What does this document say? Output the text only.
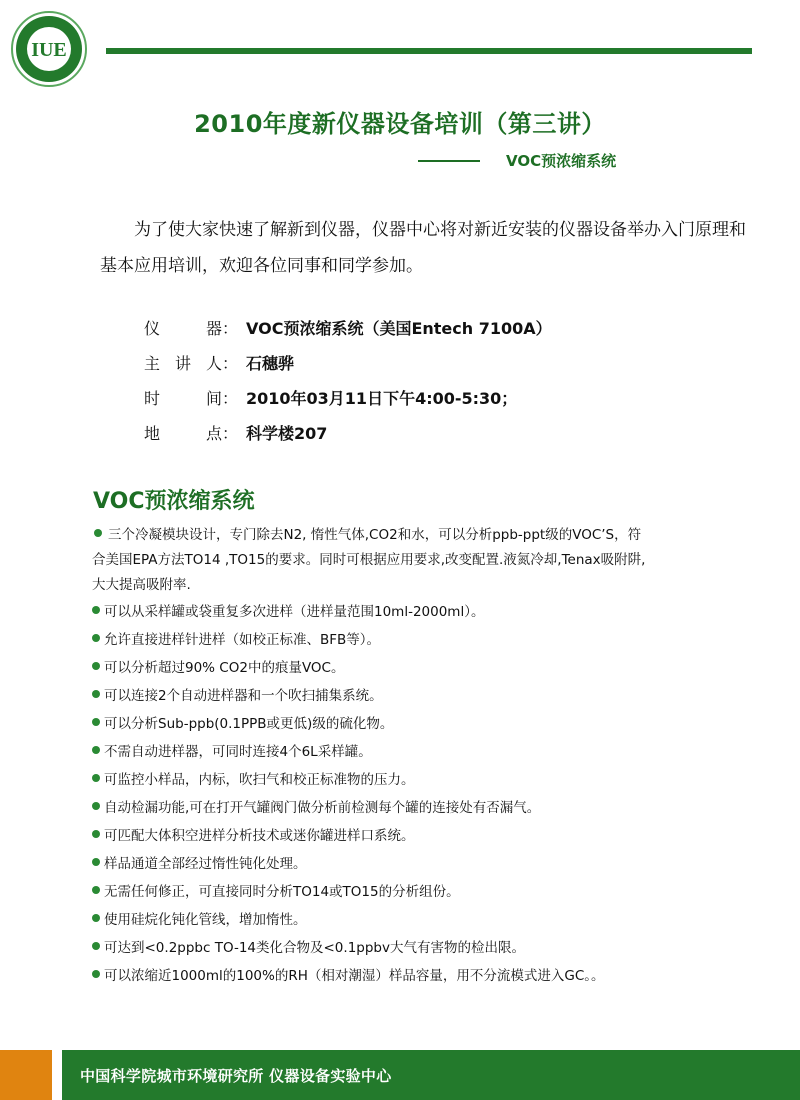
IUE
2010年度新仪器设备培训（第三讲）
VOC预浓缩系统

为了使大家快速了解新到仪器，仪器中心将对新近安装的仪器设备举办入门原理和基本应用培训，欢迎各位同事和同学参加。

仪	器： VOC预浓缩系统（美国Entech 7100A）
主 讲 人： 石穗骅
时	间： 2010年03月11日下午4:00-5:30；
地	点： 科学楼207
VOC预浓缩系统
三个冷凝模块设计，专门除去N2, 惰性气体,CO2和水，可以分析ppb-ppt级的VOC’S，符
合美国EPA方法TO14 ,TO15的要求。同时可根据应用要求,改变配置.液氮冷却,Tenax吸附阱,
大大提高吸附率.
可以从采样罐或袋重复多次进样（进样量范围10ml-2000ml）。
允许直接进样针进样（如校正标准、BFB等）。
可以分析超过90% CO2中的痕量VOC。
可以连接2个自动进样器和一个吹扫捕集系统。
可以分析Sub-ppb(0.1PPB或更低)级的硫化物。
不需自动进样器，可同时连接4个6L采样罐。
可监控小样品，内标，吹扫气和校正标准物的压力。
自动检漏功能,可在打开气罐阀门做分析前检测每个罐的连接处有否漏气。
可匹配大体积空进样分析技术或迷你罐进样口系统。
样品通道全部经过惰性钝化处理。
无需任何修正，可直接同时分析TO14或TO15的分析组份。
使用硅烷化钝化管线，增加惰性。
可达到<0.2ppbc TO-14类化合物及<0.1ppbv大气有害物的检出限。
可以浓缩近1000ml的100%的RH（相对潮湿）样品容量，用不分流模式进入GC。。
中国科学院城市环境研究所 仪器设备实验中心
